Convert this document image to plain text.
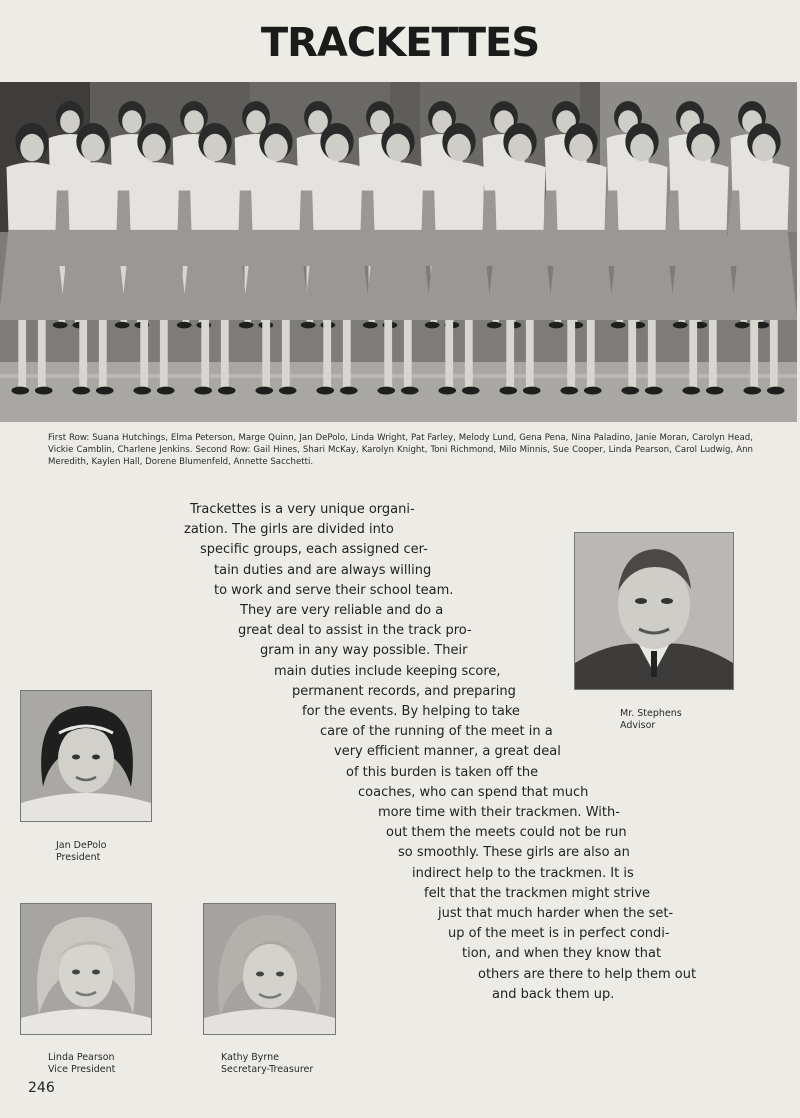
TRACKETTES
First Row: Suana Hutchings, Elma Peterson, Marge Quinn, Jan DePolo, Linda Wright, Pat Farley, Melody Lund, Gena Pena, Nina Paladino, Janie Moran, Carolyn Head, Vickie Camblin, Charlene Jenkins. Second Row: Gail Hines, Shari McKay, Karolyn Knight, Toni Richmond, Milo Minnis, Sue Cooper, Linda Pearson, Carol Ludwig, Ann Meredith, Kaylen Hall, Dorene Blumenfeld, Annette Sacchetti.
Trackettes is a very unique organi-
zation. The girls are divided into
specific groups, each assigned cer-
tain duties and are always willing
to work and serve their school team.
They are very reliable and do a
great deal to assist in the track pro-
gram in any way possible. Their
main duties include keeping score,
permanent records, and preparing
for the events. By helping to take
care of the running of the meet in a
very efficient manner, a great deal
of this burden is taken off the
coaches, who can spend that much
more time with their trackmen. With-
out them the meets could not be run
so smoothly. These girls are also an
indirect help to the trackmen. It is
felt that the trackmen might strive
just that much harder when the set-
up of the meet is in perfect condi-
tion, and when they know that
others are there to help them out
and back them up.
Mr. Stephens
Advisor
Jan DePolo
President
Linda Pearson
Vice President
Kathy Byrne
Secretary-Treasurer
246
